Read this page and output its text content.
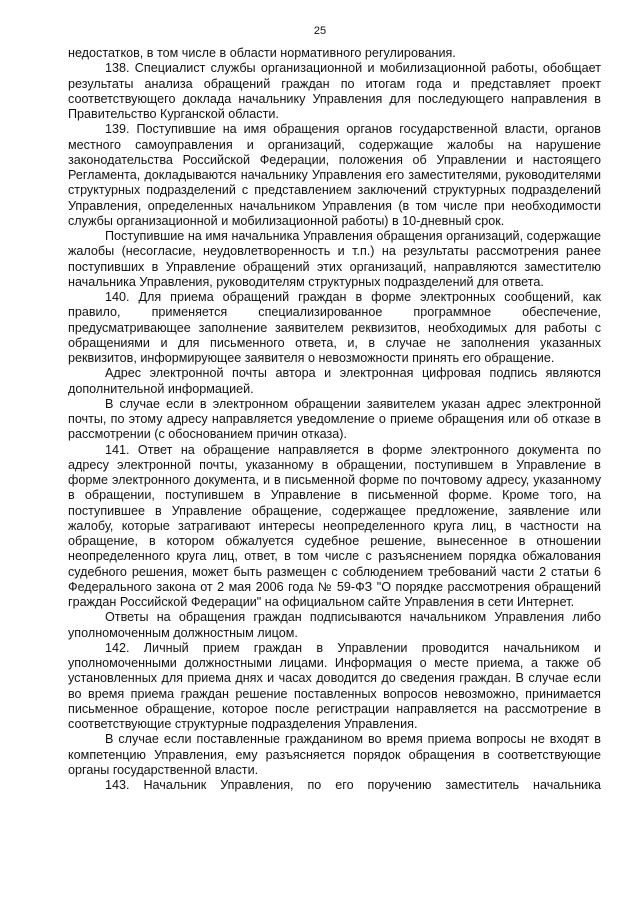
25

недостатков, в том числе в области нормативного регулирования.

138. Специалист службы организационной и мобилизационной работы, обобщает результаты анализа обращений граждан по итогам года и представляет проект соответствующего доклада начальнику Управления для последующего направления в Правительство Курганской области.

139. Поступившие на имя обращения органов государственной власти, органов местного самоуправления и организаций, содержащие жалобы на нарушение законодательства Российской Федерации, положения об Управлении и настоящего Регламента, докладываются начальнику Управления его заместителями, руководителями структурных подразделений с представлением заключений структурных подразделений Управления, определенных начальником Управления (в том числе при необходимости службы организационной и мобилизационной работы) в 10-дневный срок.

Поступившие на имя начальника Управления обращения организаций, содержащие жалобы (несогласие, неудовлетворенность и т.п.) на результаты рассмотрения ранее поступивших в Управление обращений этих организаций, направляются заместителю начальника Управления, руководителям структурных подразделений для ответа.

140. Для приема обращений граждан в форме электронных сообщений, как правило, применяется специализированное программное обеспечение, предусматривающее заполнение заявителем реквизитов, необходимых для работы с обращениями и для письменного ответа, и, в случае не заполнения указанных реквизитов, информирующее заявителя о невозможности принять его обращение.

Адрес электронной почты автора и электронная цифровая подпись являются дополнительной информацией.

В случае если в электронном обращении заявителем указан адрес электронной почты, по этому адресу направляется уведомление о приеме обращения или об отказе в рассмотрении (с обоснованием причин отказа).

141. Ответ на обращение направляется в форме электронного документа по адресу электронной почты, указанному в обращении, поступившем в Управление в форме электронного документа, и в письменной форме по почтовому адресу, указанному в обращении, поступившем в Управление в письменной форме. Кроме того, на поступившее в Управление обращение, содержащее предложение, заявление или жалобу, которые затрагивают интересы неопределенного круга лиц, в частности на обращение, в котором обжалуется судебное решение, вынесенное в отношении неопределенного круга лиц, ответ, в том числе с разъяснением порядка обжалования судебного решения, может быть размещен с соблюдением требований части 2 статьи 6 Федерального закона от 2 мая 2006 года № 59-ФЗ "О порядке рассмотрения обращений граждан Российской Федерации" на официальном сайте Управления в сети Интернет.

Ответы на обращения граждан подписываются начальником Управления либо уполномоченным должностным лицом.

142. Личный прием граждан в Управлении проводится начальником и уполномоченными должностными лицами. Информация о месте приема, а также об установленных для приема днях и часах доводится до сведения граждан. В случае если во время приема граждан решение поставленных вопросов невозможно, принимается письменное обращение, которое после регистрации направляется на рассмотрение в соответствующие структурные подразделения Управления.

В случае если поставленные гражданином во время приема вопросы не входят в компетенцию Управления, ему разъясняется порядок обращения в соответствующие органы государственной власти.

143. Начальник Управления, по его поручению заместитель начальника
